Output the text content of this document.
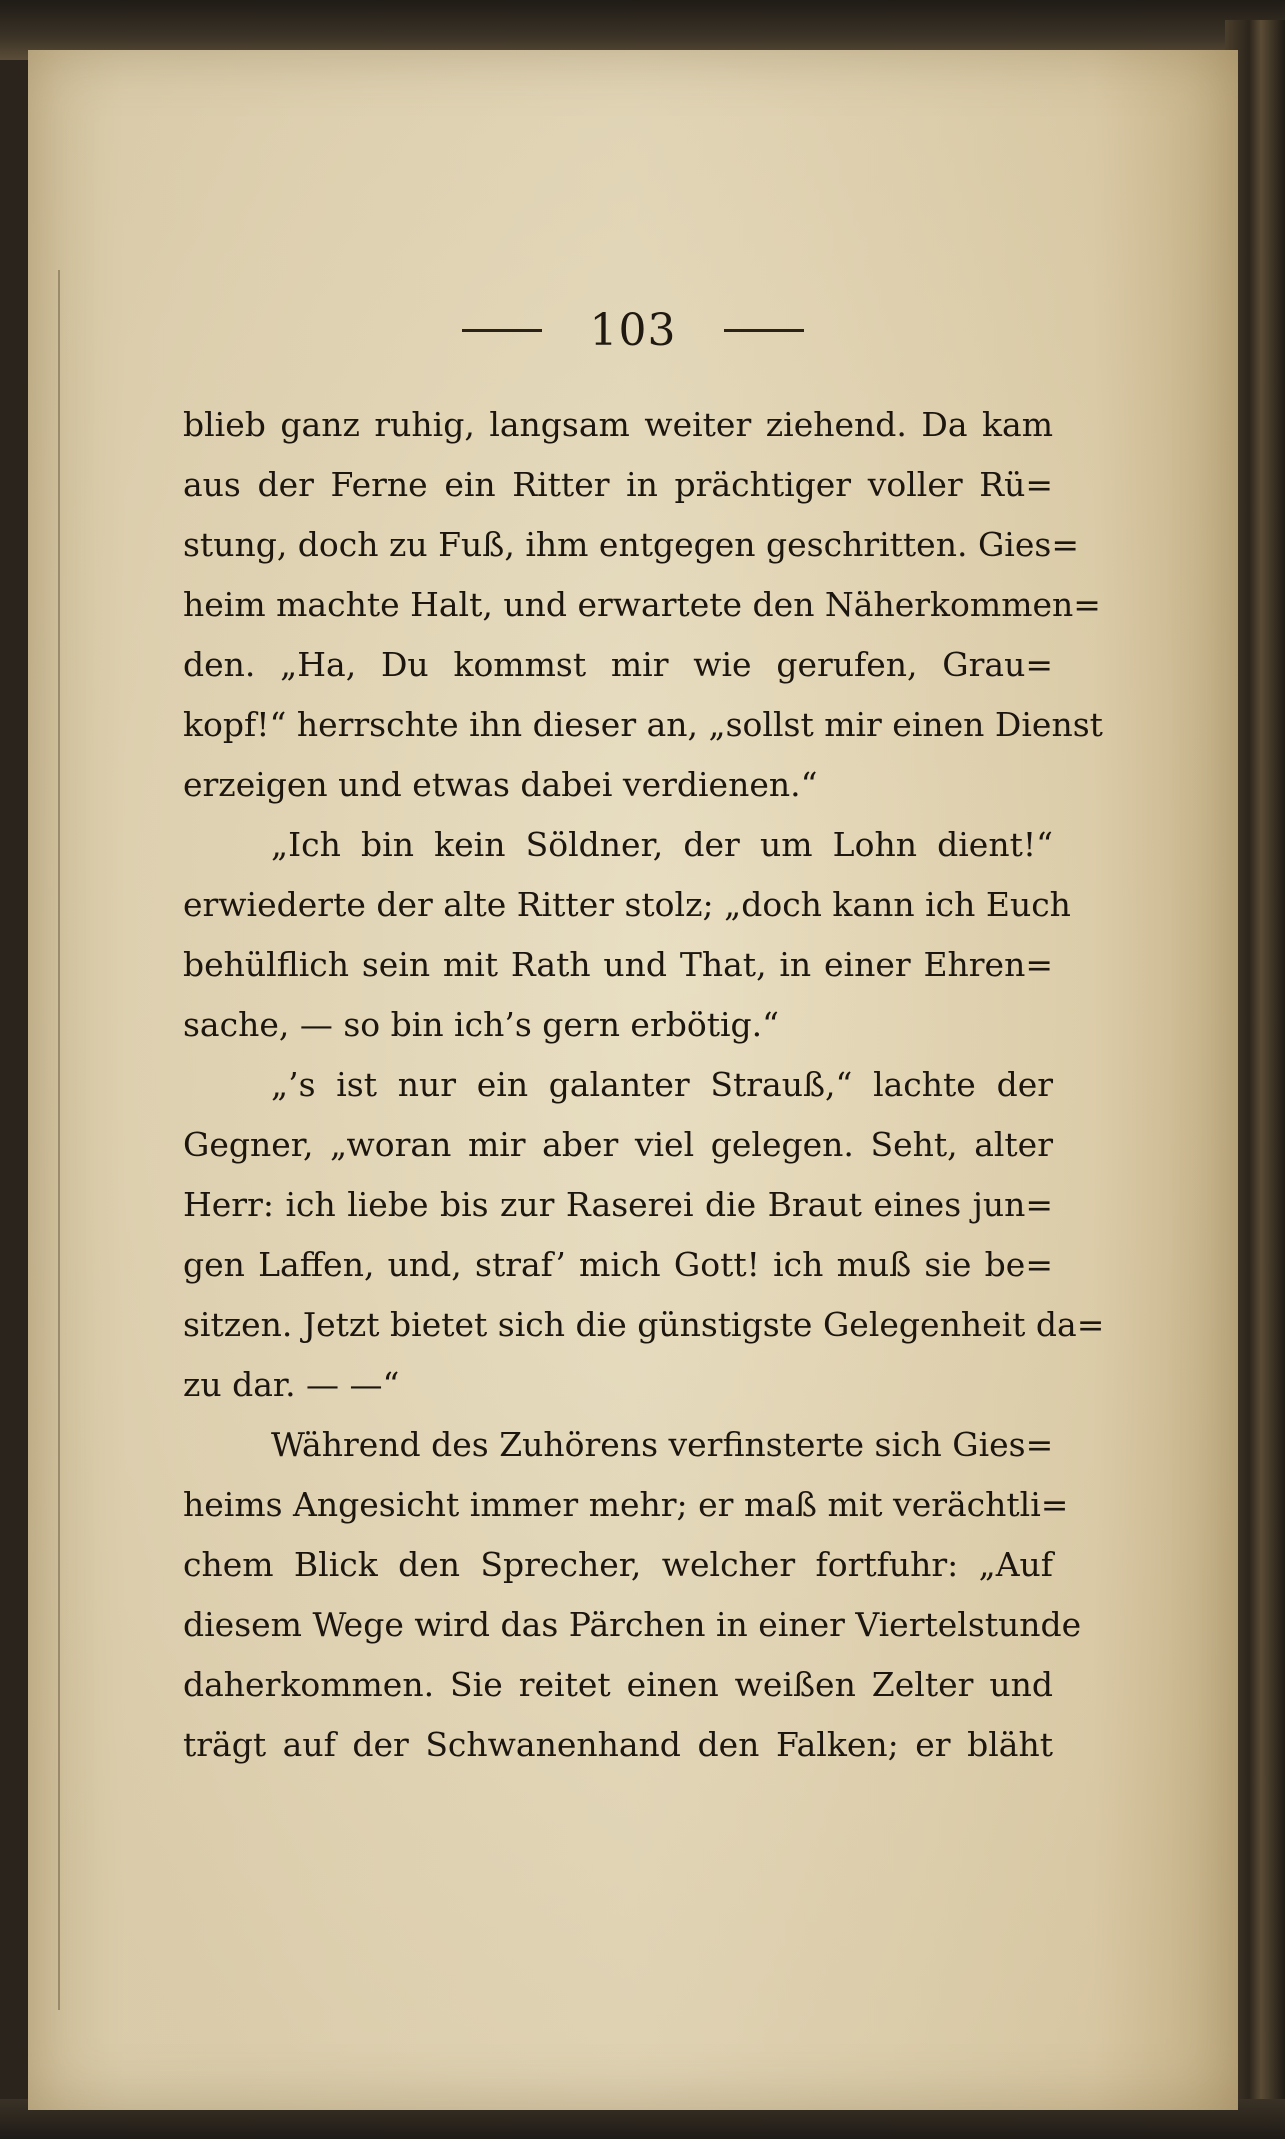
103
blieb ganz ruhig, langsam weiter ziehend. Da kam
aus der Ferne ein Ritter in prächtiger voller Rü=
stung, doch zu Fuß, ihm entgegen geschritten. Gies=
heim machte Halt, und erwartete den Näherkommen=
den. „Ha, Du kommst mir wie gerufen, Grau=
kopf!“ herrschte ihn dieser an, „sollst mir einen Dienst
erzeigen und etwas dabei verdienen.“
„Ich bin kein Söldner, der um Lohn dient!“
erwiederte der alte Ritter stolz; „doch kann ich Euch
behülflich sein mit Rath und That, in einer Ehren=
sache, — so bin ich’s gern erbötig.“
„’s ist nur ein galanter Strauß,“ lachte der
Gegner, „woran mir aber viel gelegen. Seht, alter
Herr: ich liebe bis zur Raserei die Braut eines jun=
gen Laffen, und, straf’ mich Gott! ich muß sie be=
sitzen. Jetzt bietet sich die günstigste Gelegenheit da=
zu dar. — —“
Während des Zuhörens verfinsterte sich Gies=
heims Angesicht immer mehr; er maß mit verächtli=
chem Blick den Sprecher, welcher fortfuhr: „Auf
diesem Wege wird das Pärchen in einer Viertelstunde
daherkommen. Sie reitet einen weißen Zelter und
trägt auf der Schwanenhand den Falken; er bläht
